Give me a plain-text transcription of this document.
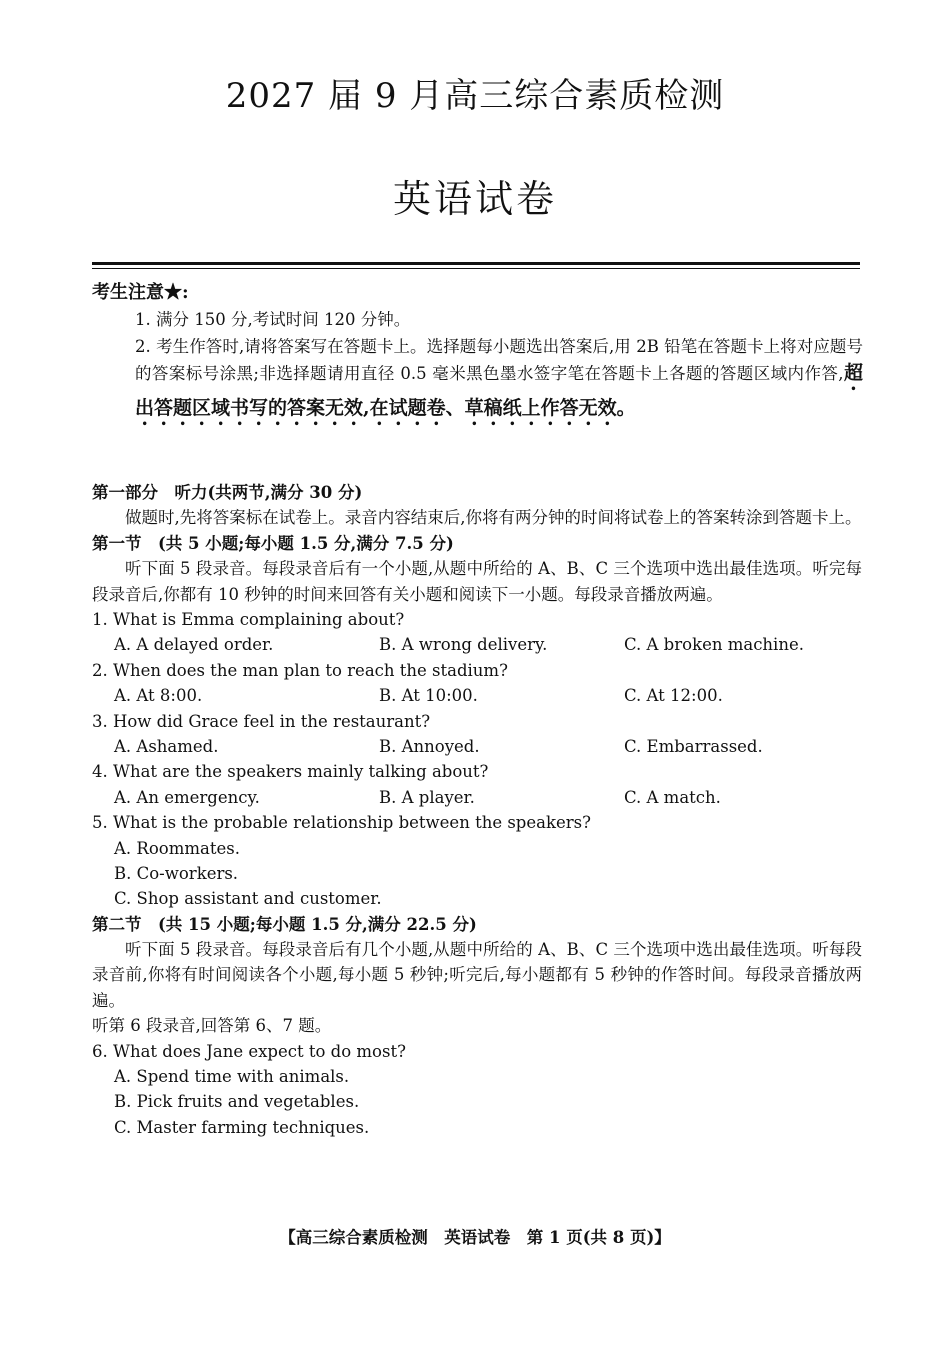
2027 届 9 月高三综合素质检测
英语试卷
考生注意★:
1. 满分 150 分,考试时间 120 分钟。
2. 考生作答时,请将答案写在答题卡上。选择题每小题选出答案后,用 2B 铅笔在答题卡上将对应题号的答案标号涂黑;非选择题请用直径 0.5 毫米黑色墨水签字笔在答题卡上各题的答题区域内作答,超出答题区域书写的答案无效,在试题卷、草稿纸上作答无效。
第一部分　听力(共两节,满分 30 分)
做题时,先将答案标在试卷上。录音内容结束后,你将有两分钟的时间将试卷上的答案转涂到答题卡上。
第一节　(共 5 小题;每小题 1.5 分,满分 7.5 分)
听下面 5 段录音。每段录音后有一个小题,从题中所给的 A、B、C 三个选项中选出最佳选项。听完每段录音后,你都有 10 秒钟的时间来回答有关小题和阅读下一小题。每段录音播放两遍。
1. What is Emma complaining about?
A. A delayed order.	B. A wrong delivery.	C. A broken machine.
2. When does the man plan to reach the stadium?
A. At 8:00.	B. At 10:00.	C. At 12:00.
3. How did Grace feel in the restaurant?
A. Ashamed.	B. Annoyed.	C. Embarrassed.
4. What are the speakers mainly talking about?
A. An emergency.	B. A player.	C. A match.
5. What is the probable relationship between the speakers?
A. Roommates.
B. Co-workers.
C. Shop assistant and customer.
第二节　(共 15 小题;每小题 1.5 分,满分 22.5 分)
听下面 5 段录音。每段录音后有几个小题,从题中所给的 A、B、C 三个选项中选出最佳选项。听每段录音前,你将有时间阅读各个小题,每小题 5 秒钟;听完后,每小题都有 5 秒钟的作答时间。每段录音播放两遍。
听第 6 段录音,回答第 6、7 题。
6. What does Jane expect to do most?
A. Spend time with animals.
B. Pick fruits and vegetables.
C. Master farming techniques.
【高三综合素质检测　英语试卷　第 1 页(共 8 页)】
